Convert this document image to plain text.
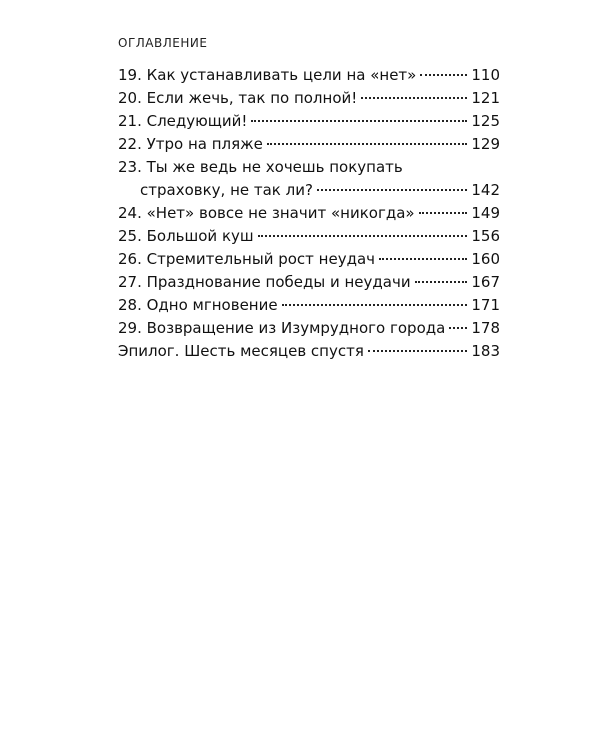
ОГЛАВЛЕНИЕ
19. Как устанавливать цели на «нет»	110
20. Если жечь, так по полной!	121
21. Следующий!	125
22. Утро на пляже	129
23. Ты же ведь не хочешь покупать
страховку, не так ли?	142
24. «Нет» вовсе не значит «никогда»	149
25. Большой куш	156
26. Стремительный рост неудач	160
27. Празднование победы и неудачи	167
28. Одно мгновение	171
29. Возвращение из Изумрудного города 178
Эпилог. Шесть месяцев спустя	183
